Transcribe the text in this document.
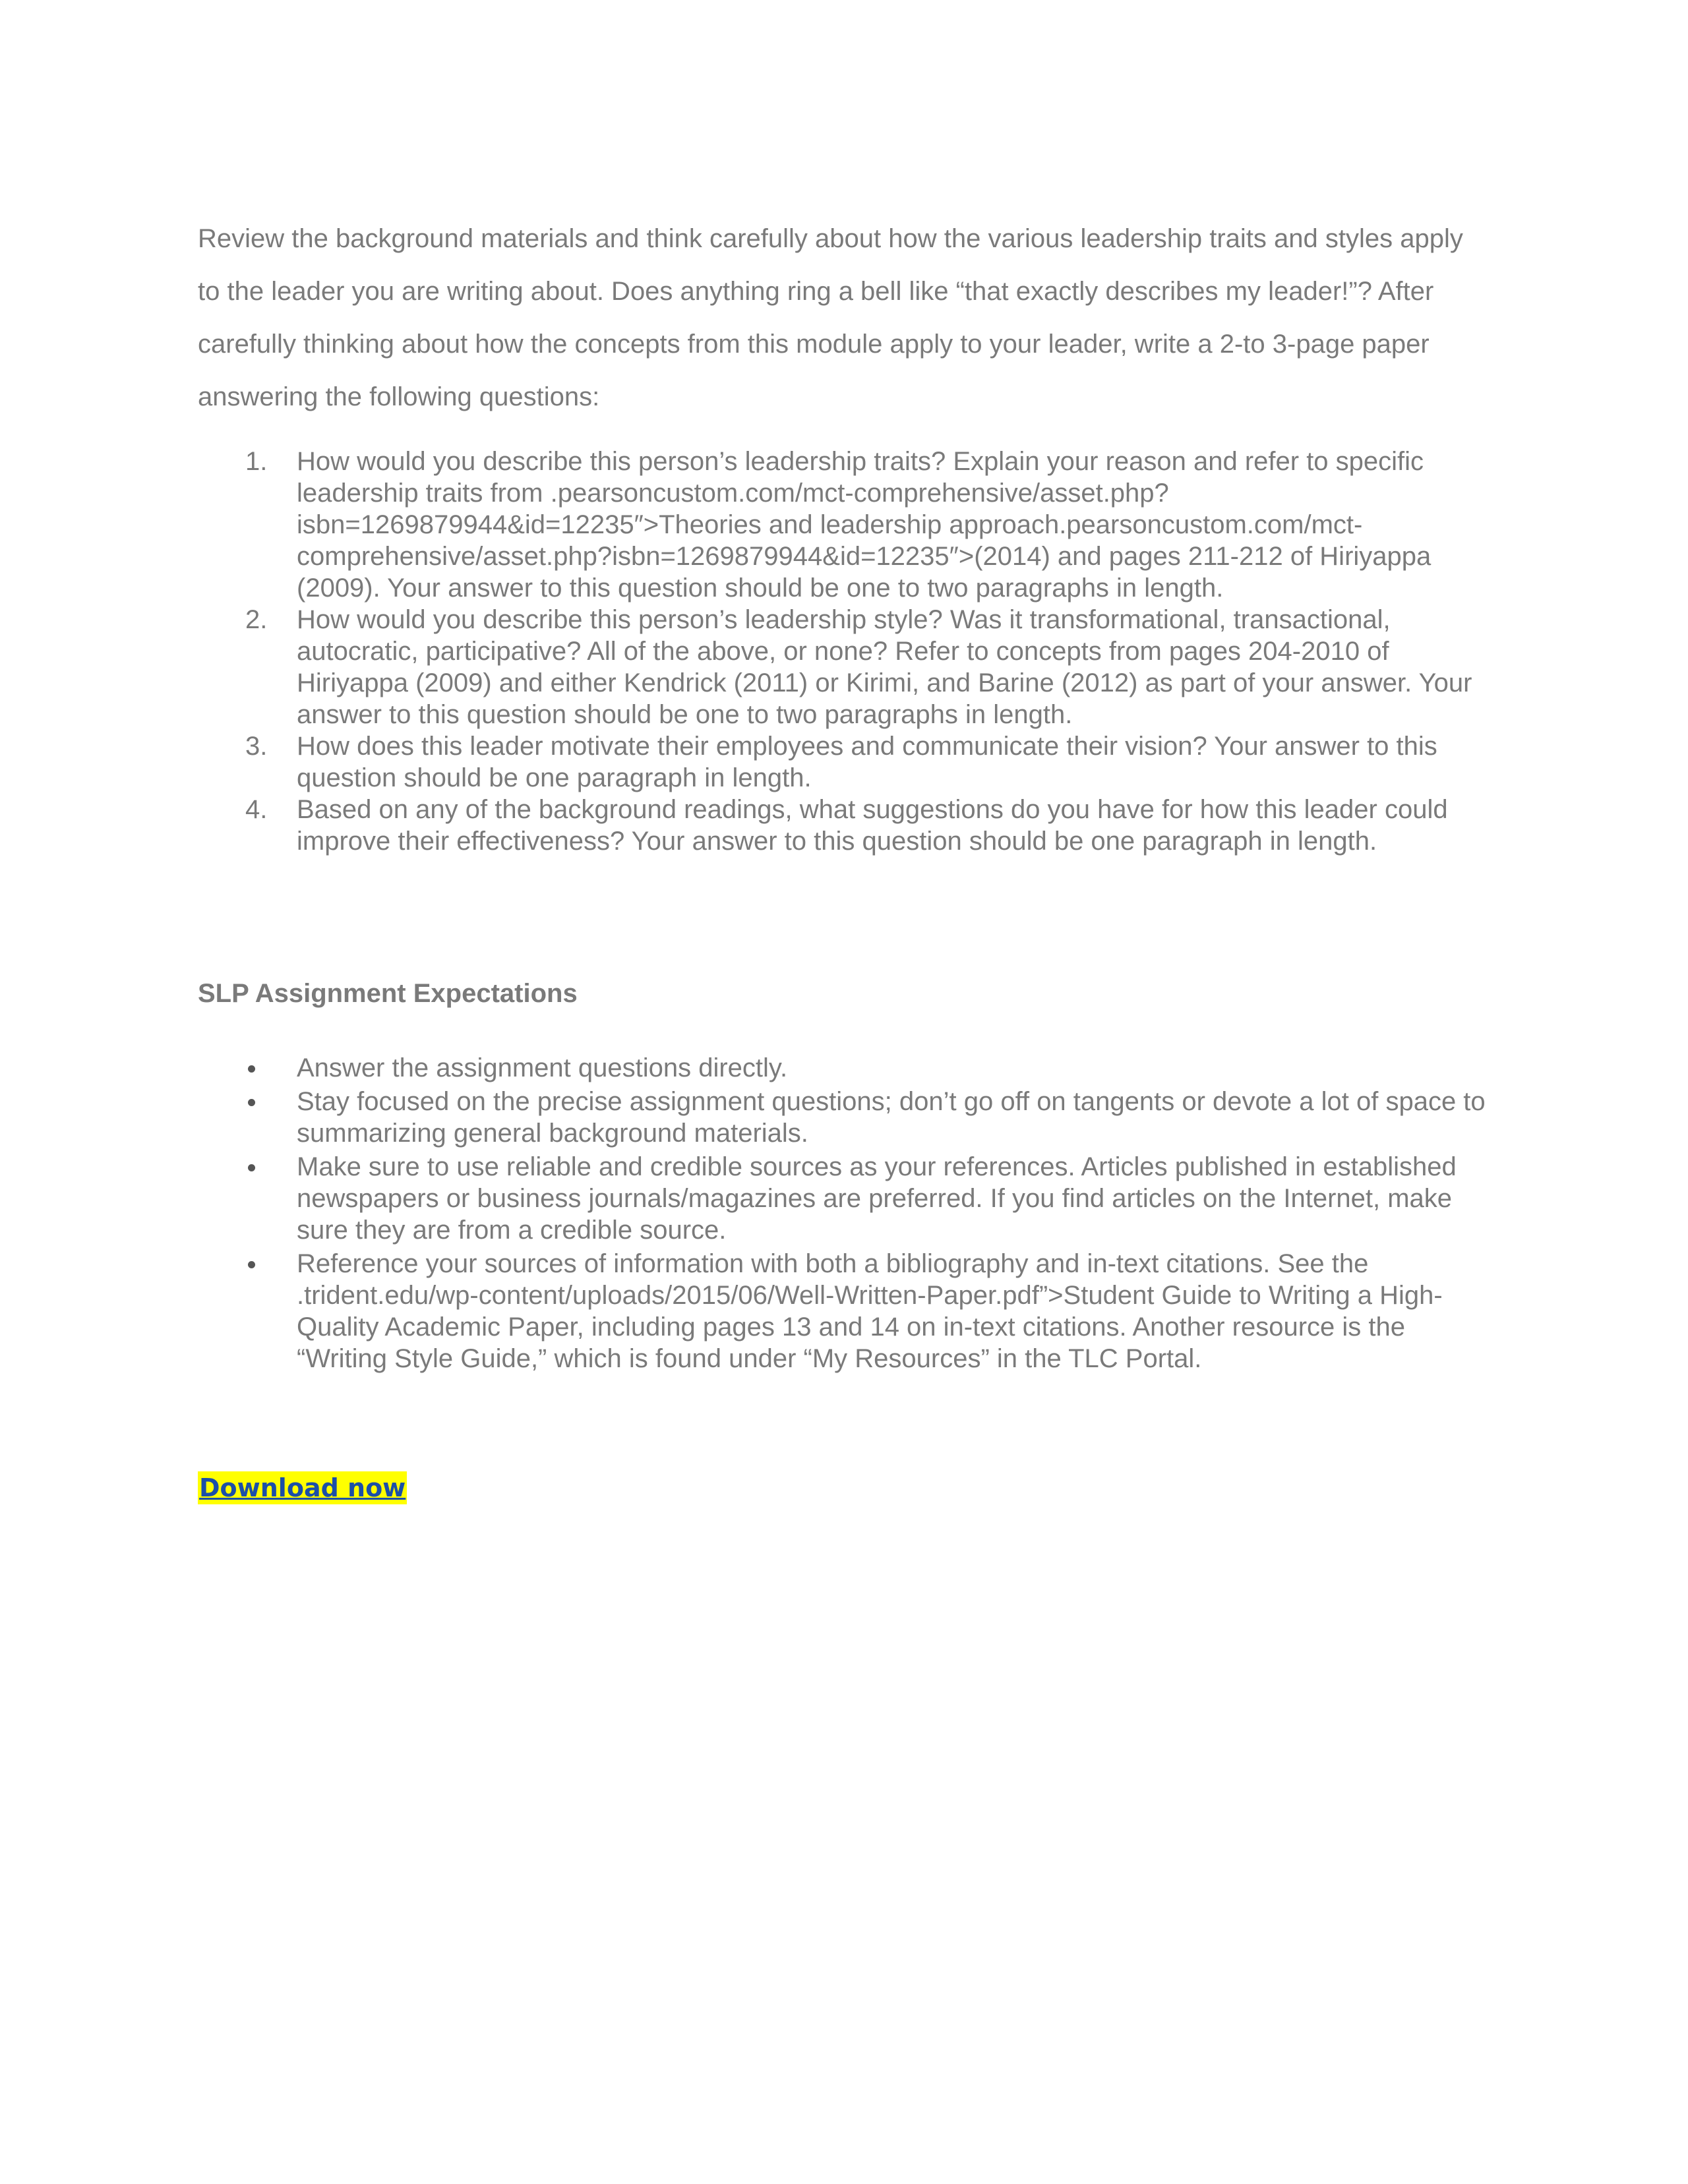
Review the background materials and think carefully about how the various leadership traits and styles apply to the leader you are writing about. Does anything ring a bell like “that exactly describes my leader!”? After carefully thinking about how the concepts from this module apply to your leader, write a 2-to 3-page paper answering the following questions:

1. How would you describe this person’s leadership traits? Explain your reason and refer to specific leadership traits from .pearsoncustom.com/mct-comprehensive/asset.php?isbn=1269879944&id=12235″>Theories and leadership approach.pearsoncustom.com/mct-comprehensive/asset.php?isbn=1269879944&id=12235″>(2014) and pages 211-212 of Hiriyappa (2009). Your answer to this question should be one to two paragraphs in length.
2. How would you describe this person’s leadership style? Was it transformational, transactional, autocratic, participative? All of the above, or none? Refer to concepts from pages 204-2010 of Hiriyappa (2009) and either Kendrick (2011) or Kirimi, and Barine (2012) as part of your answer. Your answer to this question should be one to two paragraphs in length.
3. How does this leader motivate their employees and communicate their vision? Your answer to this question should be one paragraph in length.
4. Based on any of the background readings, what suggestions do you have for how this leader could improve their effectiveness? Your answer to this question should be one paragraph in length.
SLP Assignment Expectations
Answer the assignment questions directly.
Stay focused on the precise assignment questions; don’t go off on tangents or devote a lot of space to summarizing general background materials.
Make sure to use reliable and credible sources as your references. Articles published in established newspapers or business journals/magazines are preferred. If you find articles on the Internet, make sure they are from a credible source.
Reference your sources of information with both a bibliography and in-text citations. See the .trident.edu/wp-content/uploads/2015/06/Well-Written-Paper.pdf”>Student Guide to Writing a High-Quality Academic Paper, including pages 13 and 14 on in-text citations. Another resource is the “Writing Style Guide,” which is found under “My Resources” in the TLC Portal.
Download now
